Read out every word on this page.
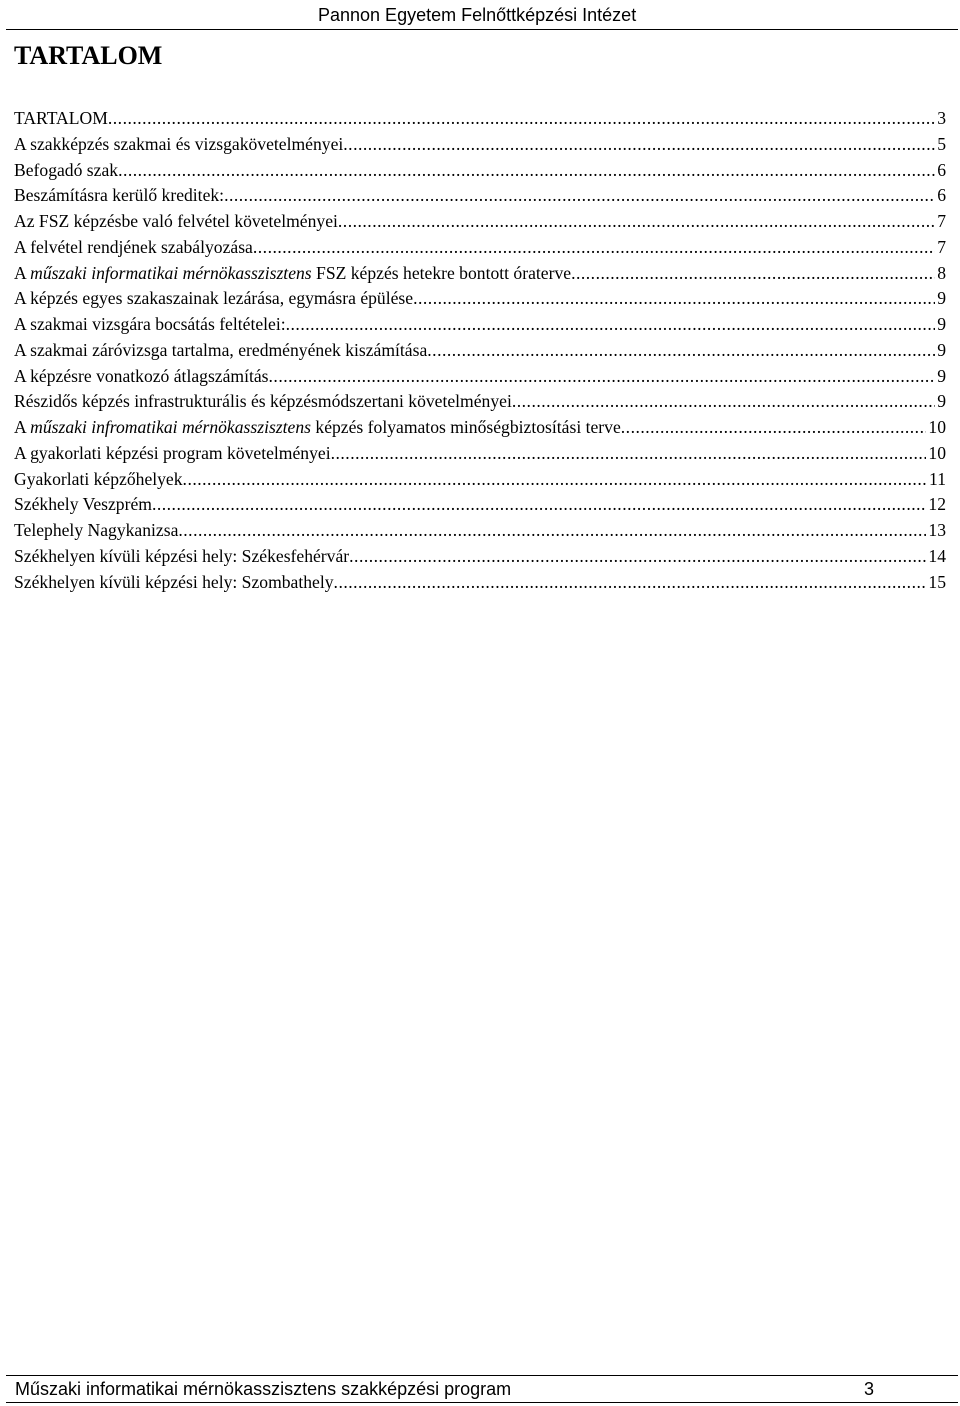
Pannon Egyetem Felnőttképzési Intézet
TARTALOM
TARTALOM .....	3
A szakképzés szakmai és vizsgakövetelményei .....	5
Befogadó szak .....	6
Beszámításra kerülő kreditek: .....	6
Az FSZ képzésbe való felvétel követelményei .....	7
A felvétel rendjének szabályozása .....	7
A műszaki informatikai mérnökasszisztens FSZ képzés hetekre bontott óraterve .....	8
A képzés egyes szakaszainak lezárása, egymásra épülése .....	9
A szakmai vizsgára bocsátás feltételei: .....	9
A szakmai záróvizsga tartalma, eredményének kiszámítása .....	9
A képzésre vonatkozó átlagszámítás .....	9
Részidős képzés infrastrukturális és képzésmódszertani követelményei .....	9
A műszaki infromatikai mérnökasszisztens képzés folyamatos minőségbiztosítási terve .....	10
A gyakorlati képzési program követelményei .....	10
Gyakorlati képzőhelyek .....	11
Székhely Veszprém .....	12
Telephely Nagykanizsa .....	13
Székhelyen kívüli képzési hely: Székesfehérvár .....	14
Székhelyen kívüli képzési hely: Szombathely .....	15
Műszaki informatikai mérnökasszisztens szakképzési program	3
